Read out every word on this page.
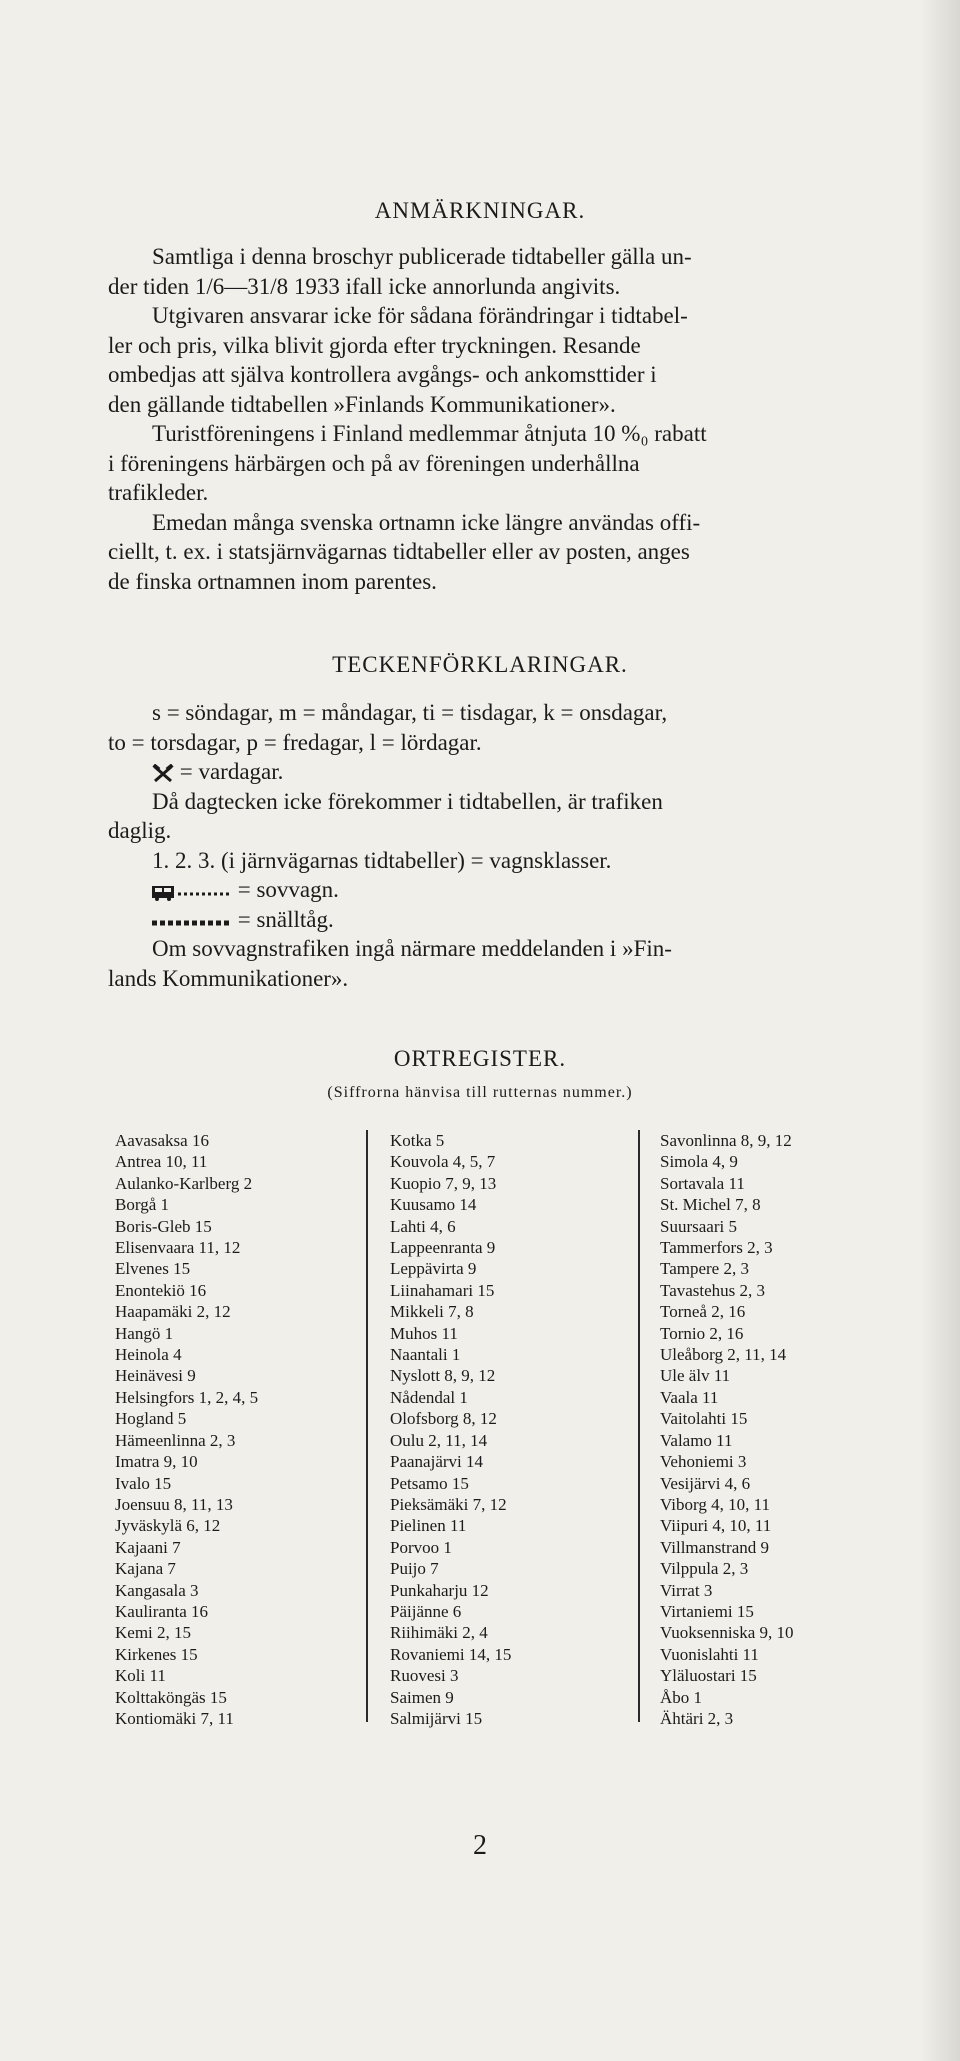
ANMÄRKNINGAR.
Samtliga i denna broschyr publicerade tidtabeller gälla un-
der tiden 1/6—31/8 1933 ifall icke annorlunda angivits.
Utgivaren ansvarar icke för sådana förändringar i tidtabel-
ler och pris, vilka blivit gjorda efter tryckningen. Resande
ombedjas att själva kontrollera avgångs- och ankomsttider i
den gällande tidtabellen »Finlands Kommunikationer».
Turistföreningens i Finland medlemmar åtnjuta 10 %₀ rabatt
i föreningens härbärgen och på av föreningen underhållna
trafikleder.
Emedan många svenska ortnamn icke längre användas offi-
ciellt, t. ex. i statsjärnvägarnas tidtabeller eller av posten, anges
de finska ortnamnen inom parentes.
TECKENFÖRKLARINGAR.
s = söndagar, m = måndagar, ti = tisdagar, k = onsdagar,
to = torsdagar, p = fredagar, l = lördagar.
= vardagar.
Då dagtecken icke förekommer i tidtabellen, är trafiken
daglig.
1. 2. 3. (i järnvägarnas tidtabeller) = vagnsklasser.
= sovvagn.
= snälltåg.
Om sovvagnstrafiken ingå närmare meddelanden i »Fin-
lands Kommunikationer».
ORTREGISTER.
(Siffrorna hänvisa till rutternas nummer.)
Aavasaksa 16
Antrea 10, 11
Aulanko-Karlberg 2
Borgå 1
Boris-Gleb 15
Elisenvaara 11, 12
Elvenes 15
Enontekiö 16
Haapamäki 2, 12
Hangö 1
Heinola 4
Heinävesi 9
Helsingfors 1, 2, 4, 5
Hogland 5
Hämeenlinna 2, 3
Imatra 9, 10
Ivalo 15
Joensuu 8, 11, 13
Jyväskylä 6, 12
Kajaani 7
Kajana 7
Kangasala 3
Kauliranta 16
Kemi 2, 15
Kirkenes 15
Koli 11
Kolttaköngäs 15
Kontiomäki 7, 11
Kotka 5
Kouvola 4, 5, 7
Kuopio 7, 9, 13
Kuusamo 14
Lahti 4, 6
Lappeenranta 9
Leppävirta 9
Liinahamari 15
Mikkeli 7, 8
Muhos 11
Naantali 1
Nyslott 8, 9, 12
Nådendal 1
Olofsborg 8, 12
Oulu 2, 11, 14
Paanajärvi 14
Petsamo 15
Pieksämäki 7, 12
Pielinen 11
Porvoo 1
Puijo 7
Punkaharju 12
Päijänne 6
Riihimäki 2, 4
Rovaniemi 14, 15
Ruovesi 3
Saimen 9
Salmijärvi 15
Savonlinna 8, 9, 12
Simola 4, 9
Sortavala 11
St. Michel 7, 8
Suursaari 5
Tammerfors 2, 3
Tampere 2, 3
Tavastehus 2, 3
Torneå 2, 16
Tornio 2, 16
Uleåborg 2, 11, 14
Ule älv 11
Vaala 11
Vaitolahti 15
Valamo 11
Vehoniemi 3
Vesijärvi 4, 6
Viborg 4, 10, 11
Viipuri 4, 10, 11
Villmanstrand 9
Vilppula 2, 3
Virrat 3
Virtaniemi 15
Vuoksenniska 9, 10
Vuonislahti 11
Yläluostari 15
Åbo 1
Ähtäri 2, 3
2
